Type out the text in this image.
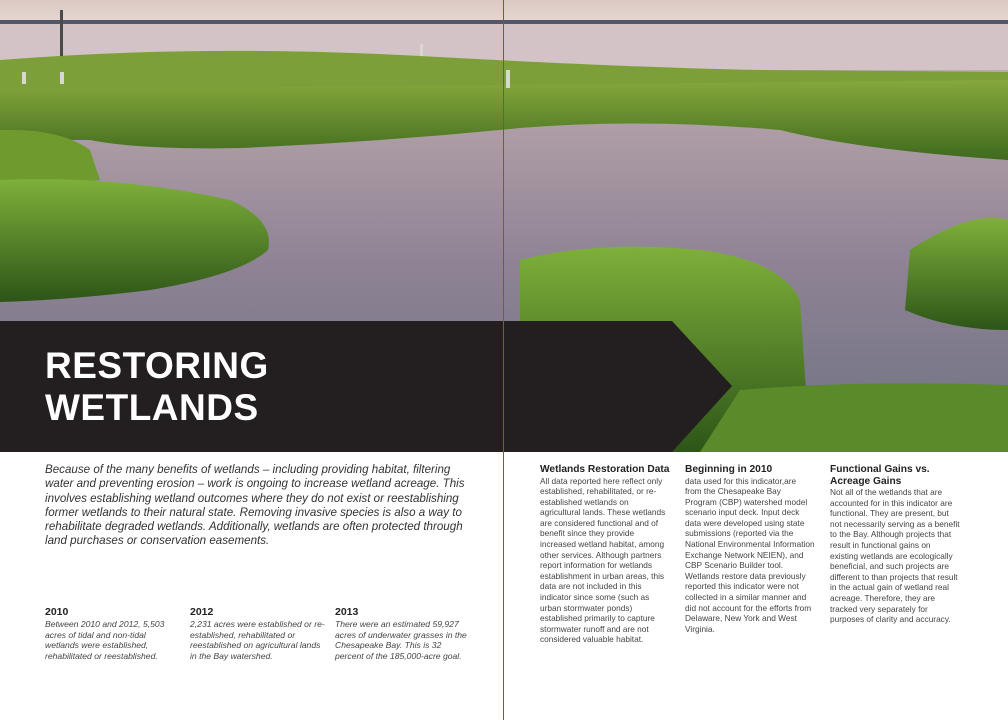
RESTORING
WETLANDS

Because of the many benefits of wetlands – including providing habitat, filtering water and preventing erosion – work is ongoing to increase wetland acreage. This involves establishing wetland outcomes where they do not exist or reestablishing former wetlands to their natural state. Removing invasive species is also a way to rehabilitate degraded wetlands. Additionally, wetlands are often protected through land purchases or conservation easements.

2010

Between 2010 and 2012, 5,503 acres of tidal and non-tidal wetlands were established, rehabilitated or reestablished.

2012

2,231 acres were established or re-established, rehabilitated or reestablished on agricultural lands in the Bay watershed.

2013

There were an estimated 59,927 acres of underwater grasses in the Chesapeake Bay. This is 32 percent of the 185,000-acre goal.

Wetlands Restoration Data

All data reported here reflect only established, rehabilitated, or re-established wetlands on agricultural lands. These wetlands are considered functional and of benefit since they provide increased wetland habitat, among other services. Although partners report information for wetlands establishment in urban areas, this data are not included in this indicator since some (such as urban stormwater ponds) established primarily to capture stormwater runoff and are not considered valuable habitat.

Beginning in 2010

data used for this indicator,are from the Chesapeake Bay Program (CBP) watershed model scenario input deck. Input deck data were developed using state submissions (reported via the National Environmental Information Exchange Network NEIEN), and CBP Scenario Builder tool. Wetlands restore data previously reported this indicator were not collected in a similar manner and did not account for the efforts from Delaware, New York and West Virginia.

Functional Gains vs. Acreage Gains

Not all of the wetlands that are accounted for in this indicator are functional. They are present, but not necessarily serving as a benefit to the Bay. Although projects that result in functional gains on existing wetlands are ecologically beneficial, and such projects are different to than projects that result in the actual gain of wetland real acreage. Therefore, they are tracked very separately for purposes of clarity and accuracy.
